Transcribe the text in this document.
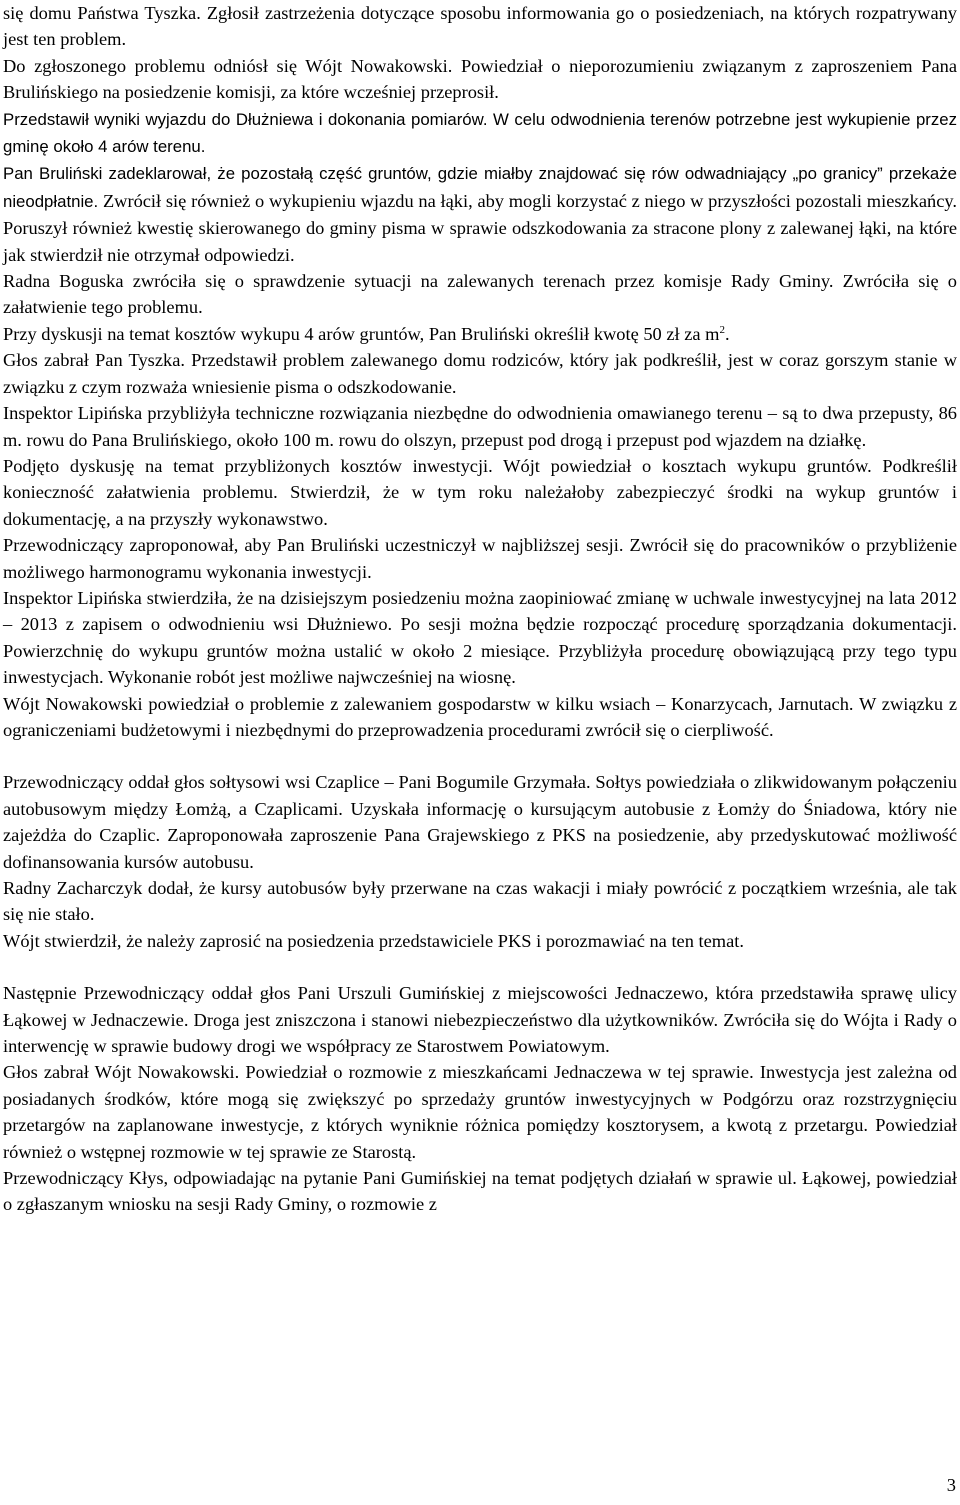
się domu Państwa Tyszka. Zgłosił zastrzeżenia dotyczące sposobu informowania go o posiedzeniach, na których rozpatrywany jest ten problem.

Do zgłoszonego problemu odniósł się Wójt Nowakowski. Powiedział o nieporozumieniu związanym z zaproszeniem Pana Brulińskiego na posiedzenie komisji, za które wcześniej przeprosił.

Przedstawił wyniki wyjazdu do Dłużniewa i dokonania pomiarów. W celu odwodnienia terenów potrzebne jest wykupienie przez gminę około 4 arów terenu.

Pan Bruliński zadeklarował, że pozostałą część gruntów, gdzie miałby znajdować się rów odwadniający „po granicy” przekaże nieodpłatnie. Zwrócił się również o wykupieniu wjazdu na łąki, aby mogli korzystać z niego w przyszłości pozostali mieszkańcy. Poruszył również kwestię skierowanego do gminy pisma w sprawie odszkodowania za stracone plony z zalewanej łąki, na które jak stwierdził nie otrzymał odpowiedzi.

Radna Boguska zwróciła się o sprawdzenie sytuacji na zalewanych terenach przez komisje Rady Gminy. Zwróciła się o załatwienie tego problemu.

Przy dyskusji na temat kosztów wykupu 4 arów gruntów, Pan Bruliński określił kwotę 50 zł za $m^2$.

Głos zabrał Pan Tyszka. Przedstawił problem zalewanego domu rodziców, który jak podkreślił, jest w coraz gorszym stanie w związku z czym rozważa wniesienie pisma o odszkodowanie.

Inspektor Lipińska przybliżyła techniczne rozwiązania niezbędne do odwodnienia omawianego terenu – są to dwa przepusty, 86 m. rowu do Pana Brulińskiego, około 100 m. rowu do olszyn, przepust pod drogą i przepust pod wjazdem na działkę.

Podjęto dyskusję na temat przybliżonych kosztów inwestycji. Wójt powiedział o kosztach wykupu gruntów. Podkreślił konieczność załatwienia problemu. Stwierdził, że w tym roku należałoby zabezpieczyć środki na wykup gruntów i dokumentację, a na przyszły wykonawstwo.

Przewodniczący zaproponował, aby Pan Bruliński uczestniczył w najbliższej sesji. Zwrócił się do pracowników o przybliżenie możliwego harmonogramu wykonania inwestycji.

Inspektor Lipińska stwierdziła, że na dzisiejszym posiedzeniu można zaopiniować zmianę w uchwale inwestycyjnej na lata 2012 – 2013 z zapisem o odwodnieniu wsi Dłużniewo. Po sesji można będzie rozpocząć procedurę sporządzania dokumentacji. Powierzchnię do wykupu gruntów można ustalić w około 2 miesiące. Przybliżyła procedurę obowiązującą przy tego typu inwestycjach. Wykonanie robót jest możliwe najwcześniej na wiosnę.

Wójt Nowakowski powiedział o problemie z zalewaniem gospodarstw w kilku wsiach – Konarzycach, Jarnutach. W związku z ograniczeniami budżetowymi i niezbędnymi do przeprowadzenia procedurami zwrócił się o cierpliwość.

Przewodniczący oddał głos sołtysowi wsi Czaplice – Pani Bogumile Grzymała. Sołtys powiedziała o zlikwidowanym połączeniu autobusowym między Łomżą, a Czaplicami. Uzyskała informację o kursującym autobusie z Łomży do Śniadowa, który nie zajeżdża do Czaplic. Zaproponowała zaproszenie Pana Grajewskiego z PKS na posiedzenie, aby przedyskutować możliwość dofinansowania kursów autobusu.

Radny Zacharczyk dodał, że kursy autobusów były przerwane na czas wakacji i miały powrócić z początkiem września, ale tak się nie stało.

Wójt stwierdził, że należy zaprosić na posiedzenia przedstawiciele PKS i porozmawiać na ten temat.

Następnie Przewodniczący oddał głos Pani Urszuli Gumińskiej z miejscowości Jednaczewo, która przedstawiła sprawę ulicy Łąkowej w Jednaczewie. Droga jest zniszczona i stanowi niebezpieczeństwo dla użytkowników. Zwróciła się do Wójta i Rady o interwencję w sprawie budowy drogi we współpracy ze Starostwem Powiatowym.

Głos zabrał Wójt Nowakowski. Powiedział o rozmowie z mieszkańcami Jednaczewa w tej sprawie. Inwestycja jest zależna od posiadanych środków, które mogą się zwiększyć po sprzedaży gruntów inwestycyjnych w Podgórzu oraz rozstrzygnięciu przetargów na zaplanowane inwestycje, z których wyniknie różnica pomiędzy kosztorysem, a kwotą z przetargu. Powiedział również o wstępnej rozmowie w tej sprawie ze Starostą.

Przewodniczący Kłys, odpowiadając na pytanie Pani Gumińskiej na temat podjętych działań w sprawie ul. Łąkowej, powiedział o zgłaszanym wniosku na sesji Rady Gminy, o rozmowie z

3
